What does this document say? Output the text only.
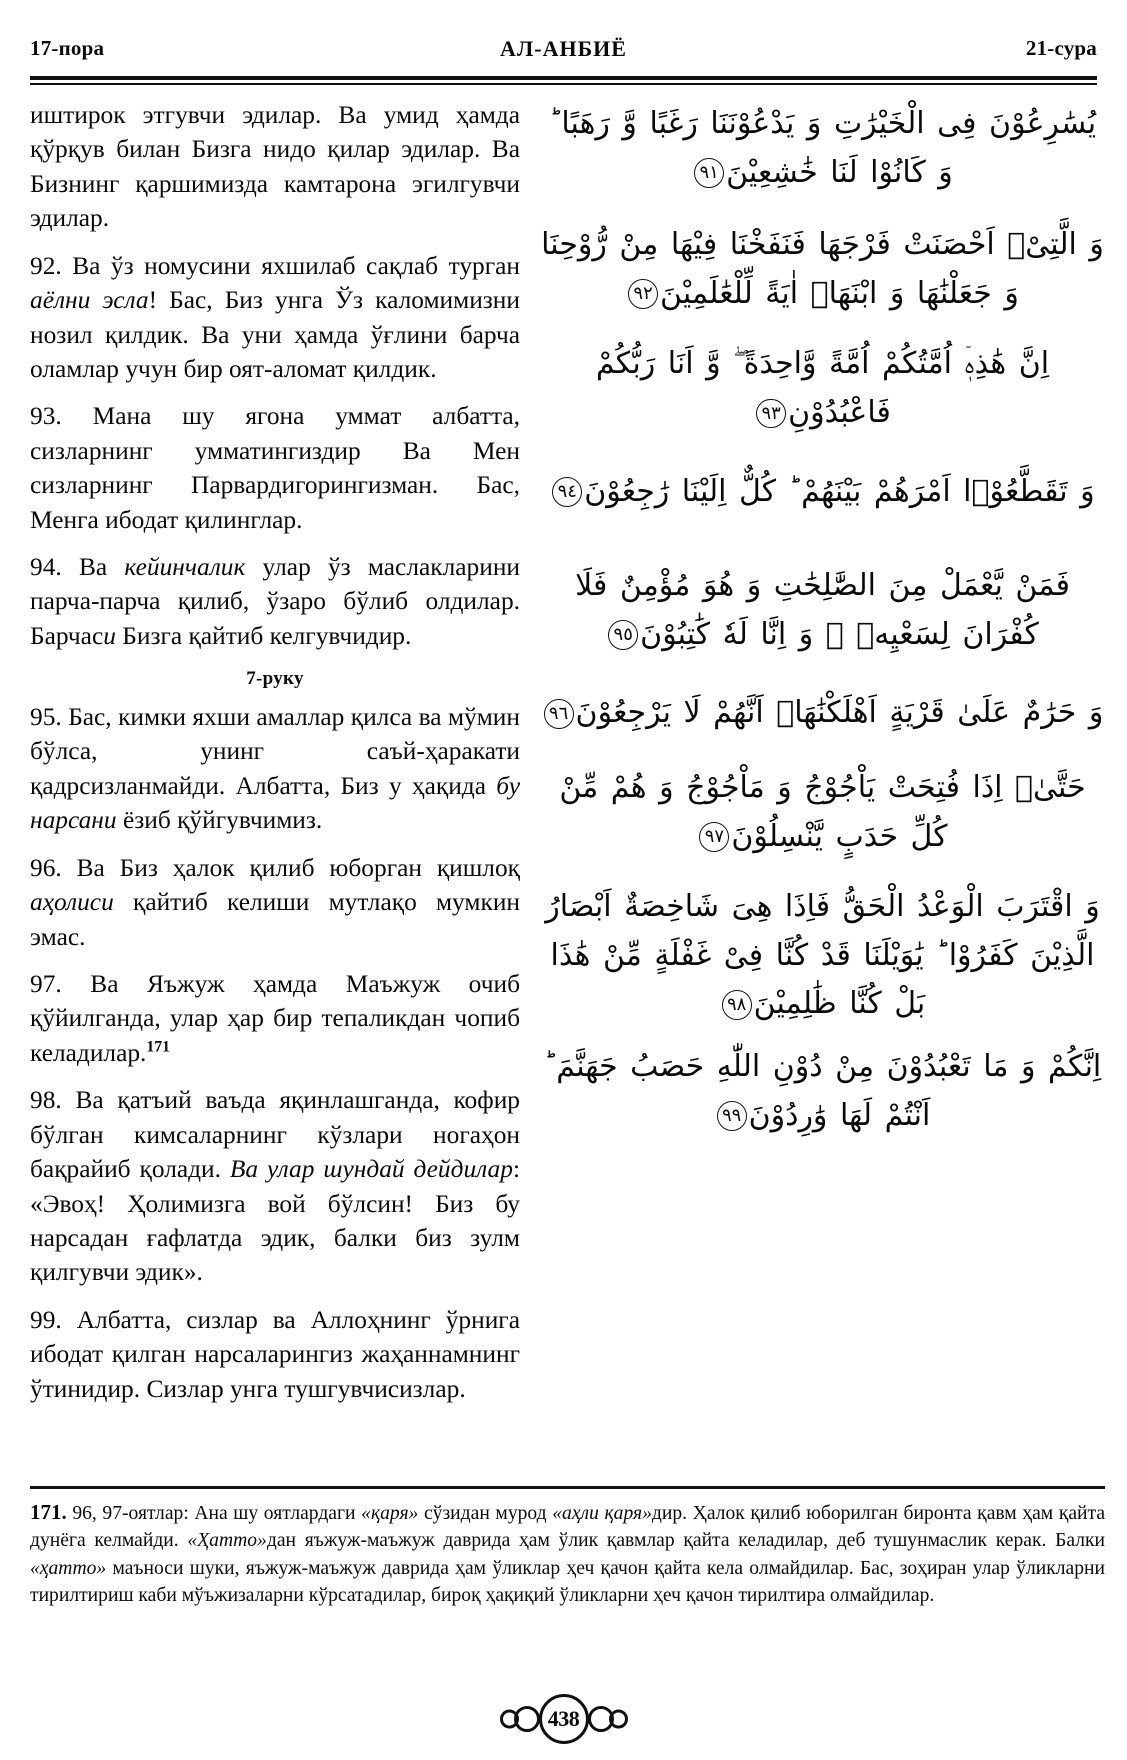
17-пора	АЛ-АНБИЁ	21-сура

иштирок этгувчи эдилар. Ва умид ҳамда қўрқув билан Бизга нидо қилар эдилар. Ва Бизнинг қаршимизда камтарона эгилгувчи эдилар.

92. Ва ўз номусини яхшилаб сақлаб турган аёлни эсла! Бас, Биз унга Ўз каломимизни нозил қилдик. Ва уни ҳамда ўғлини барча оламлар учун бир оят-аломат қилдик.

93. Мана шу ягона уммат албатта, сизларнинг умматингиздир Ва Мен сизларнинг Парвардигорингизман. Бас, Менга ибодат қилинглар.

94. Ва кейинчалик улар ўз маслакларини парча-парча қилиб, ўзаро бўлиб олдилар. Барчаси Бизга қайтиб келгувчидир.

7-руку

95. Бас, кимки яхши амаллар қилса ва мўмин бўлса, унинг саъй-ҳаракати қадрсизланмайди. Албатта, Биз у ҳақида бу нарсани ёзиб қўйгувчимиз.

96. Ва Биз ҳалок қилиб юборган қишлоқ аҳолиси қайтиб келиши мутлақо мумкин эмас.

97. Ва Яъжуж ҳамда Маъжуж очиб қўйилганда, улар ҳар бир тепаликдан чопиб келадилар.$^{171}$

98. Ва қатъий ваъда яқинлашганда, кофир бўлган кимсаларнинг кўзлари ногаҳон бақрайиб қолади. Ва улар шундай дейдилар: «Эвоҳ! Ҳолимизга вой бўлсин! Биз бу нарсадан ғафлатда эдик, балки биз зулм қилгувчи эдик».

99. Албатта, сизлар ва Аллоҳнинг ўрнига ибодат қилган нарсаларингиз жаҳаннамнинг ўтинидир. Сизлар унга тушгувчисизлар.

يُسَٰرِعُوْنَ فِى الْخَيْرَٰتِ وَ يَدْعُوْنَنَا رَغَبًا وَّ رَهَبًا ؕ وَ كَانُوْا لَنَا خَٰشِعِيْنَ٩١
وَ الَّتِىْۤ اَحْصَنَتْ فَرْجَهَا فَنَفَخْنَا فِيْهَا مِنْ رُّوْحِنَا وَ جَعَلْنَٰهَا وَ ابْنَهَاۤ اٰيَةً لِّلْعَٰلَمِيْنَ٩٢
اِنَّ هَٰذِهٖۤ اُمَّتُكُمْ اُمَّةً وَّاحِدَةً ۖ وَّ اَنَا رَبُّكُمْ فَاعْبُدُوْنِ٩٣
وَ تَقَطَّعُوْۤا اَمْرَهُمْ بَيْنَهُمْ ؕ كُلٌّ اِلَيْنَا رَٰجِعُوْنَ٩٤
فَمَنْ يَّعْمَلْ مِنَ الصَّٰلِحَٰتِ وَ هُوَ مُؤْمِنٌ فَلَا كُفْرَانَ لِسَعْيِهٖ ۚ وَ اِنَّا لَهٗ كَٰتِبُوْنَ٩٥
وَ حَرَٰمٌ عَلَىٰ قَرْيَةٍ اَهْلَكْنَٰهَاۤ اَنَّهُمْ لَا يَرْجِعُوْنَ٩٦
حَتَّىٰۤ اِذَا فُتِحَتْ يَاْجُوْجُ وَ مَاْجُوْجُ وَ هُمْ مِّنْ كُلِّ حَدَبٍ يَّنْسِلُوْنَ٩٧
وَ اقْتَرَبَ الْوَعْدُ الْحَقُّ فَاِذَا هِىَ شَاخِصَةٌ اَبْصَارُ الَّذِيْنَ كَفَرُوْا ؕ يَٰوَيْلَنَا قَدْ كُنَّا فِىْ غَفْلَةٍ مِّنْ هَٰذَا بَلْ كُنَّا ظَٰلِمِيْنَ٩٨
اِنَّكُمْ وَ مَا تَعْبُدُوْنَ مِنْ دُوْنِ اللّٰهِ حَصَبُ جَهَنَّمَ ؕ اَنْتُمْ لَهَا وَٰرِدُوْنَ٩٩
171. 96, 97-оятлар: Ана шу оятлардаги «қаря» сўзидан мурод «аҳли қаря»дир. Ҳалок қилиб юборилган биронта қавм ҳам қайта дунёга келмайди. «Ҳатто»дан яъжуж-маъжуж даврида ҳам ўлик қавмлар қайта келадилар, деб тушунмаслик керак. Балки «ҳатто» маъноси шуки, яъжуж-маъжуж даврида ҳам ўликлар ҳеч қачон қайта кела олмайдилар. Бас, зоҳиран улар ўликларни тирилтириш каби мўъжизаларни кўрсатадилар, бироқ ҳақиқий ўликларни ҳеч қачон тирилтира олмайдилар.
438
